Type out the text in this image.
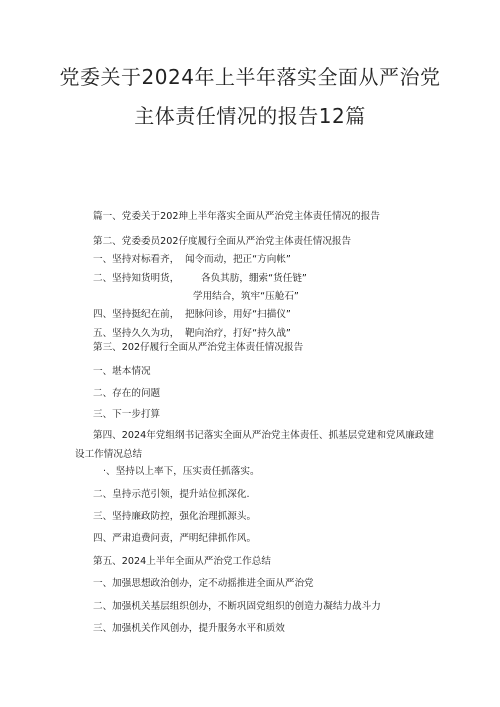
党委关于2024年上半年落实全面从严治党
主体责任情况的报告12篇
篇一、党委关于202珅上半年落实全面从严治党主体责任情况的报告
第二、党委委员202仔度履行全面从严治党主体责任情况报告
一、坚持对标看齐， 闻令而动，把正“方向帐”
二、坚持知货明货， 各负其肪，绷索“货任链”
学用结合，筑牢“压舱石”
四、坚持挺纪在前， 把脉问诊，用好“扫描仪”
五、坚持久久为功， 靶向治疗，打好“持久战”
第三、202仔履行全面从严治党主体责任情况报告
一、堪本情况
二、存在的问题
三、下一步打算
第四、2024年党组纲书记落实全面从严治党主体责任、抓基层党建和党风廉政建
设工作情况总结
·、坚持以上率下，压实责任抓落实。
二、皇持示范引领，提升站位抓深化.
三、坚持廉政防控，强化治理抓源头。
四、严肃追费问责，严明纪律抓作风。
第五、2024上半年全面从严治党工作总结
一、加强思想政治创办，定不动摇推进全面从严治党
二、加强机关基层组织创办，不断巩固党组织的创造力凝结力战斗力
三、加强机关作风创办，提升服务水平和质效
